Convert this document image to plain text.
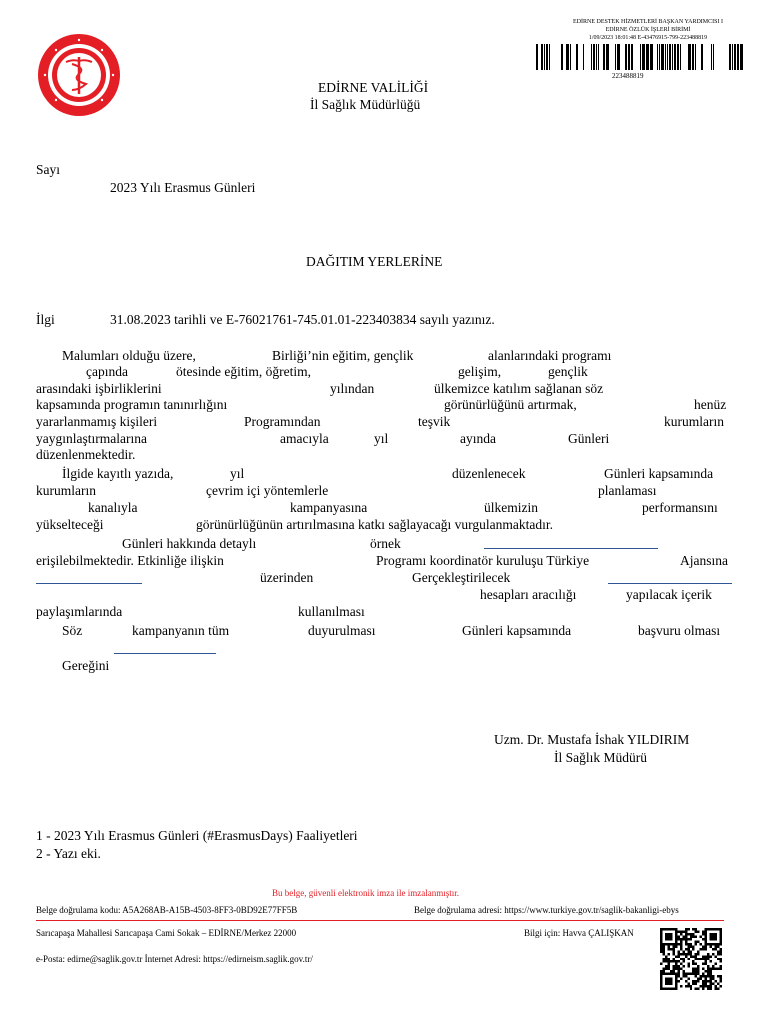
EDİRNE DESTEK HİZMETLERİ BAŞKAN YARDIMCISI I
EDİRNE ÖZLÜK İŞLERİ BİRİMİ
1/09/2023 18:01:48 E-43476915-799-223488819
223488819
EDİRNE VALİLİĞİ
İl Sağlık Müdürlüğü
Sayı
2023 Yılı Erasmus Günleri
DAĞITIM YERLERİNE
İlgi	31.08.2023 tarihli ve E-76021761-745.01.01-223403834 sayılı yazınız.
Malumları olduğu üzere,	Birliği’nin eğitim, gençlik	alanlarındaki programı
çapında	ötesinde eğitim, öğretim,	gelişim,	gençlik
arasındaki işbirliklerini	yılından	ülkemizce katılım sağlanan söz
kapsamında programın tanınırlığını	görünürlüğünü artırmak,	henüz
yararlanmamış kişileri	Programından	teşvik	kurumların
yaygınlaştırmalarına	amacıyla	yıl	ayında	Günleri
düzenlenmektedir.
İlgide kayıtlı yazıda,	yıl	düzenlenecek	Günleri kapsamında
kurumların	çevrim içi yöntemlerle	planlaması
kanalıyla	kampanyasına	ülkemizin	performansını
yükselteceği	görünürlüğünün artırılmasına katkı sağlayacağı vurgulanmaktadır.
Günleri hakkında detaylı	örnek
erişilebilmektedir. Etkinliğe ilişkin	Programı koordinatör kuruluşu Türkiye	Ajansına
üzerinden	Gerçekleştirilecek
hesapları aracılığı	yapılacak içerik
paylaşımlarında	kullanılması
Söz	kampanyanın tüm	duyurulması	Günleri kapsamında	başvuru olması
Gereğini
Uzm. Dr. Mustafa İshak YILDIRIM
İl Sağlık Müdürü
1 - 2023 Yılı Erasmus Günleri (#ErasmusDays) Faaliyetleri
2 - Yazı eki.
Bu belge, güvenli elektronik imza ile imzalanmıştır.
Belge doğrulama kodu: A5A268AB-A15B-4503-8FF3-0BD92E77FF5B	Belge doğrulama adresi: https://www.turkiye.gov.tr/saglik-bakanligi-ebys
Sarıcapaşa Mahallesi Sarıcapaşa Cami Sokak – EDİRNE/Merkez 22000	Bilgi için: Havva ÇALIŞKAN
e-Posta: edirne@saglik.gov.tr İnternet Adresi: https://edirneism.saglik.gov.tr/
